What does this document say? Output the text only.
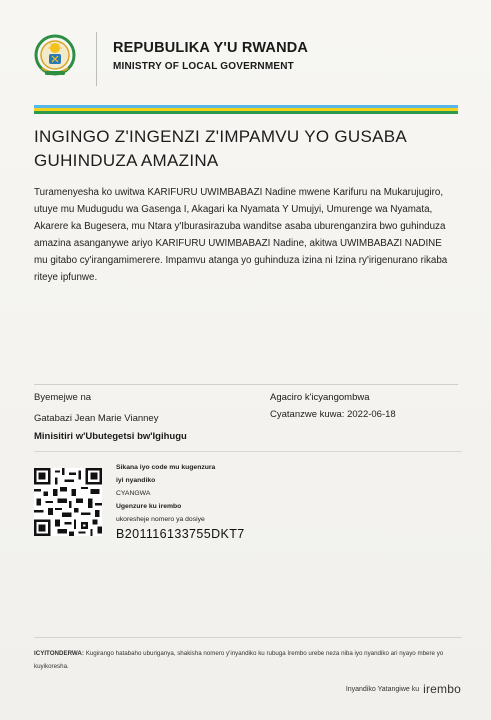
REPUBULIKA Y'U RWANDA
MINISTRY OF LOCAL GOVERNMENT
INGINGO Z'INGENZI Z'IMPAMVU YO GUSABA
GUHINDUZA AMAZINA
Turamenyesha ko uwitwa KARIFURU UWIMBABAZI Nadine mwene Karifuru na Mukarujugiro, utuye mu Mudugudu wa Gasenga I, Akagari ka Nyamata Y Umujyi, Umurenge wa Nyamata, Akarere ka Bugesera, mu Ntara y'Iburasirazuba wanditse asaba uburenganzira bwo guhinduza amazina asanganywe ariyo KARIFURU UWIMBABAZI Nadine, akitwa UWIMBABAZI NADINE mu gitabo cy'irangamimerere. Impamvu atanga yo guhinduza izina ni Izina ry'irigenurano rikaba riteye ipfunwe.
Byemejwe na
Gatabazi Jean Marie Vianney
Minisitiri w'Ubutegetsi bw'Igihugu
Agaciro k'icyangombwa
Cyatanzwe kuwa: 2022-06-18
Sikana iyo code mu kugenzura
iyi nyandiko
CYANGWA
Ugenzure ku irembo
ukoresheje nomero ya dosiye
B201116133755DKT7
ICYITONDERWA: Kugirango hatabaho uburiganya, shakisha nomero y'inyandiko ku rubuga Irembo urebe neza niba iyo nyandiko ari nyayo mbere yo kuyikoresha.
Inyandiko Yatangiwe ku irembo
